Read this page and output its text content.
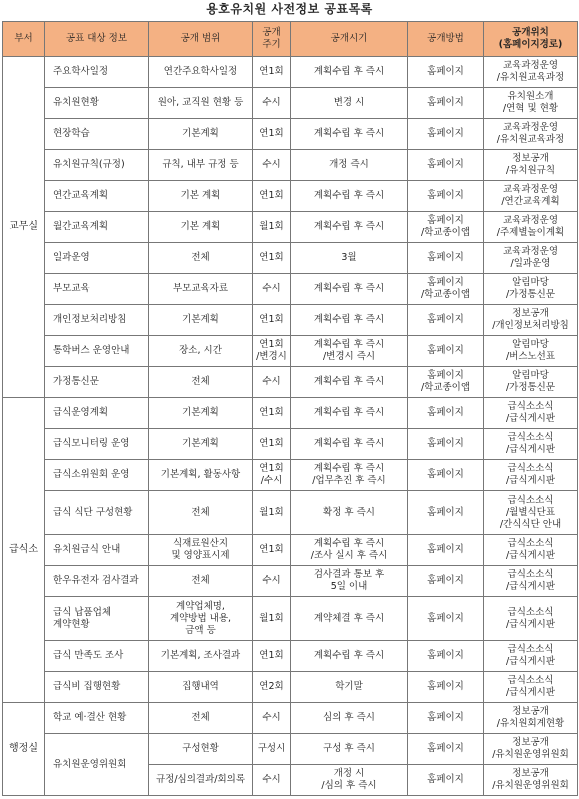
용호유치원 사전정보 공표목록
부서	공표 대상 정보	공개 범위	공개
주기	공개시기	공개방법	공개위치
(홈페이지경로)

교무실	주요학사일정	연간주요학사일정	연1회	계획수립 후 즉시	홈페이지	교육과정운영
/유치원교육과정

	유치원현황	원아, 교직원 현황 등	수시	변경 시	홈페이지	유치원소개
/연혁 및 현황

	현장학습	기본계획	연1회	계획수립 후 즉시	홈페이지	교육과정운영
/유치원교육과정

	유치원규칙(규정)	규칙, 내부 규정 등	수시	개정 즉시	홈페이지	정보공개
/유치원규칙

	연간교육계획	기본 계획	연1회	계획수립 후 즉시	홈페이지	교육과정운영
/연간교육계획

	월간교육계획	기본 계획	월1회	계획수립 후 즉시	홈페이지
/학교종이앱	교육과정운영
/주제별놀이계획

	일과운영	전체	연1회	3월	홈페이지	교육과정운영
/일과운영

	부모교육	부모교육자료	수시	계획수립 후 즉시	홈페이지
/학교종이앱	알림마당
/가정통신문

	개인정보처리방침	기본계획	연1회	계획수립 후 즉시	홈페이지	정보공개
/개인정보처리방침

	통학버스 운영안내	장소, 시간	연1회
/변경시	계획수립 후 즉시
/변경시 즉시	홈페이지	알림마당
/버스노선표

	가정통신문	전체	수시	계획수립 후 즉시	홈페이지
/학교종이앱	알림마당
/가정통신문

급식소	급식운영계획	기본계획	연1회	계획수립 후 즉시	홈페이지	급식소소식
/급식게시판

	급식모니터링 운영	기본계획	연1회	계획수립 후 즉시	홈페이지	급식소소식
/급식게시판

	급식소위원회 운영	기본계획, 활동사항	연1회
/수시	계획수립 후 즉시
/업무추진 후 즉시	홈페이지	급식소소식
/급식게시판

	급식 식단 구성현황	전체	월1회	확정 후 즉시	홈페이지	급식소소식
/월별식단표
/간식식단 안내

	유치원급식 안내	식재료원산지
및 영양표시제	연1회	계획수립 후 즉시
/조사 실시 후 즉시	홈페이지	급식소소식
/급식게시판

	한우유전자 검사결과	전체	수시	검사결과 통보 후
5일 이내	홈페이지	급식소소식
/급식게시판

	급식 납품업체
계약현황	계약업체명,
계약방법 내용,
금액 등	월1회	계약체결 후 즉시	홈페이지	급식소소식
/급식게시판

	급식 만족도 조사	기본계획, 조사결과	연1회	계획수립 후 즉시	홈페이지	급식소소식
/급식게시판

	급식비 집행현황	집행내역	연2회	학기말	홈페이지	급식소소식
/급식게시판

행정실	학교 예·결산 현황	전체	수시	심의 후 즉시	홈페이지	정보공개
/유치원회계현황

	유치원운영위원회	구성현황	구성시	구성 후 즉시	홈페이지	정보공개
/유치원운영위원회

		규정/심의결과/회의록	수시	개정 시
/심의 후 즉시	홈페이지	정보공개
/유치원운영위원회
